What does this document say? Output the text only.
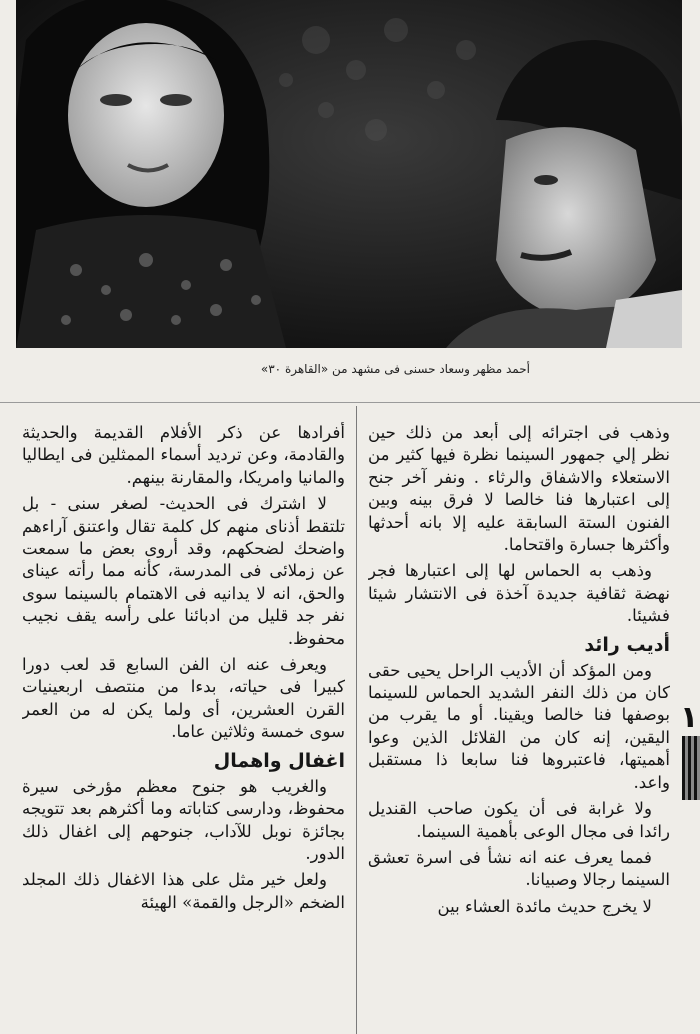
أحمد مظهر وسعاد حسنى فى مشهد من «القاهرة ٣٠»

وذهب فى اجترائه إلى أبعد من ذلك حين نظر إلي جمهور السينما نظرة فيها كثير من الاستعلاء والاشفاق والرثاء . ونفر آخر جنح إلى اعتبارها فنا خالصا لا فرق بينه وبين الفنون الستة السابقة عليه إلا بانه أحدثها وأكثرها جسارة واقتحاما.

وذهب به الحماس لها إلى اعتبارها فجر نهضة ثقافية جديدة آخذة فى الانتشار شيئا فشيئا.

أديب رائد

ومن المؤكد أن الأديب الراحل يحيى حقى كان من ذلك النفر الشديد الحماس للسينما بوصفها فنا خالصا ويقينا. أو ما يقرب من اليقين، إنه كان من القلائل الذين وعوا أهميتها، فاعتبروها فنا سابعا ذا مستقبل واعد.

ولا غرابة فى أن يكون صاحب القنديل رائدا فى مجال الوعى بأهمية السينما.

فمما يعرف عنه انه نشأ فى اسرة تعشق السينما رجالا وصبيانا.

لا يخرج حديث مائدة العشاء بين

أفرادها عن ذكر الأفلام القديمة والحديثة والقادمة، وعن ترديد أسماء الممثلين فى ايطاليا والمانيا وامريكا، والمقارنة بينهم.

لا اشترك فى الحديث- لصغر سنى - بل تلتقط أذناى منهم كل كلمة تقال واعتنق آراءهم واضحك لضحكهم، وقد أروى بعض ما سمعت عن زملائى فى المدرسة، كأنه مما رأته عيناى والحق، انه لا يدانيه فى الاهتمام بالسينما سوى نفر جد قليل من ادبائنا على رأسه يقف نجيب محفوظ.

ويعرف عنه ان الفن السابع قد لعب دورا كبيرا فى حياته، بدءا من منتصف اربعينيات القرن العشرين، أى ولما يكن له من العمر سوى خمسة وثلاثين عاما.

اغفال واهمال

والغريب هو جنوح معظم مؤرخى سيرة محفوظ، ودارسى كتاباته وما أكثرهم بعد تتويجه بجائزة نوبل للآداب، جنوحهم إلى اغفال ذلك الدور.

ولعل خير مثل على هذا الاغفال ذلك المجلد الضخم «الرجل والقمة» الهيئة

١
